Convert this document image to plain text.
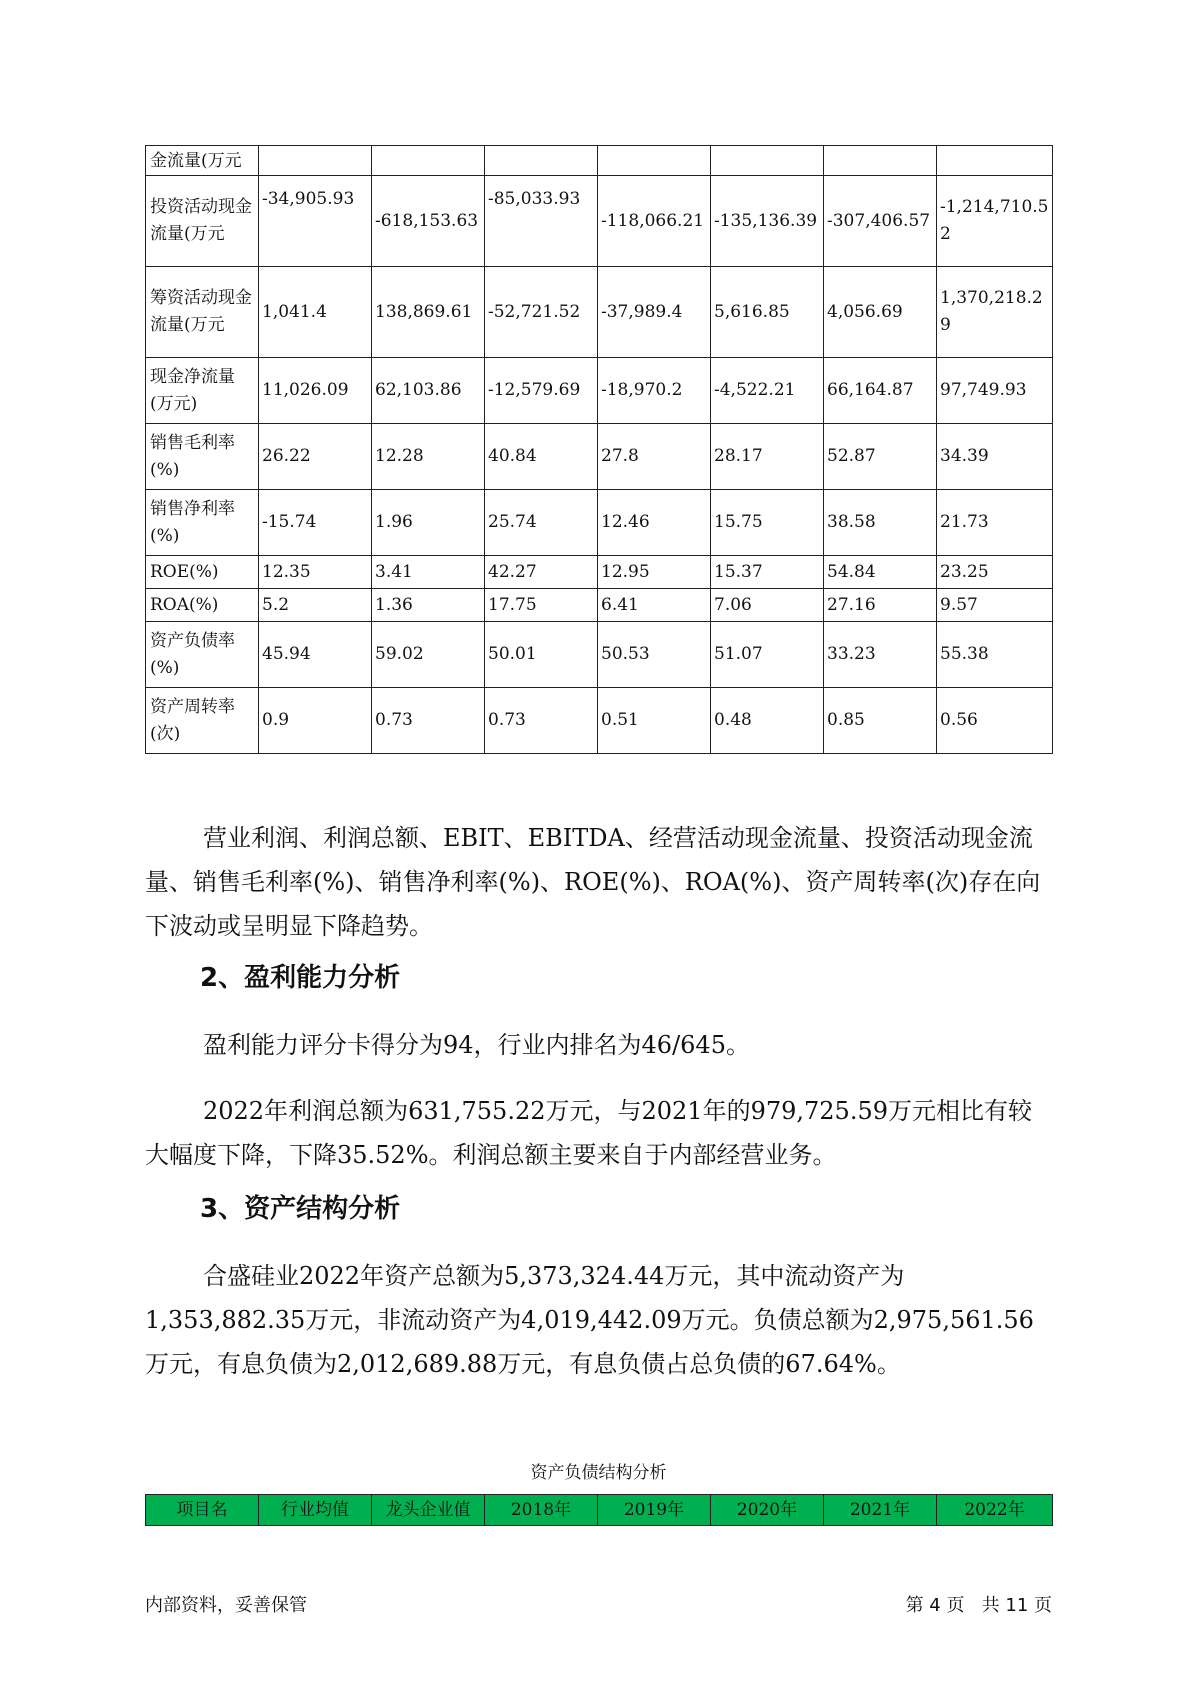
金流量(万元							
投资活动现金流量(万元	-34,905.93	-618,153.63	-85,033.93	-118,066.21	-135,136.39	-307,406.57	-1,214,710.52
筹资活动现金流量(万元	1,041.4	138,869.61	-52,721.52	-37,989.4	5,616.85	4,056.69	1,370,218.29
现金净流量(万元)	11,026.09	62,103.86	-12,579.69	-18,970.2	-4,522.21	66,164.87	97,749.93
销售毛利率(%)	26.22	12.28	40.84	27.8	28.17	52.87	34.39
销售净利率(%)	-15.74	1.96	25.74	12.46	15.75	38.58	21.73
ROE(%)	12.35	3.41	42.27	12.95	15.37	54.84	23.25
ROA(%)	5.2	1.36	17.75	6.41	7.06	27.16	9.57
资产负债率(%)	45.94	59.02	50.01	50.53	51.07	33.23	55.38
资产周转率(次)	0.9	0.73	0.73	0.51	0.48	0.85	0.56

营业利润、利润总额、EBIT、EBITDA、经营活动现金流量、投资活动现金流量、销售毛利率(%)、销售净利率(%)、ROE(%)、ROA(%)、资产周转率(次)存在向下波动或呈明显下降趋势。

2、盈利能力分析

盈利能力评分卡得分为94，行业内排名为46/645。

2022年利润总额为631,755.22万元，与2021年的979,725.59万元相比有较大幅度下降，下降35.52%。利润总额主要来自于内部经营业务。

3、资产结构分析

合盛硅业2022年资产总额为5,373,324.44万元，其中流动资产为1,353,882.35万元，非流动资产为4,019,442.09万元。负债总额为2,975,561.56万元，有息负债为2,012,689.88万元，有息负债占总负债的67.64%。

资产负债结构分析
项目名	行业均值	龙头企业值	2018年	2019年	2020年	2021年	2022年
内部资料，妥善保管	第 4 页 共 11 页
